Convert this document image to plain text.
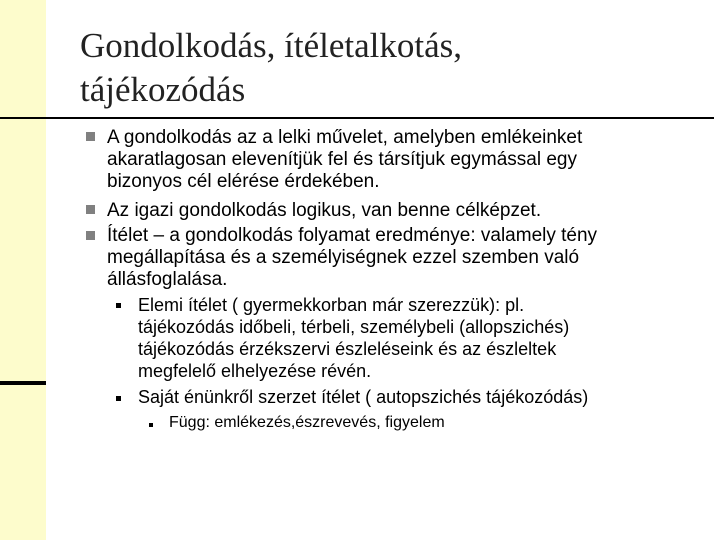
Gondolkodás, ítéletalkotás,
tájékozódás
A gondolkodás az a lelki művelet, amelyben emlékeinket
akaratlagosan elevenítjük fel és társítjuk egymással egy
bizonyos cél elérése érdekében.
Az igazi gondolkodás logikus, van benne célképzet.
Ítélet – a gondolkodás folyamat eredménye: valamely tény
megállapítása és a személyiségnek ezzel szemben való
állásfoglalása.
Elemi ítélet ( gyermekkorban már szerezzük): pl.
tájékozódás időbeli, térbeli, személybeli (allopszichés)
tájékozódás érzékszervi észleléseink és az észleltek
megfelelő elhelyezése révén.
Saját énünkről szerzet ítélet ( autopszichés tájékozódás)
Függ: emlékezés,észrevevés, figyelem
